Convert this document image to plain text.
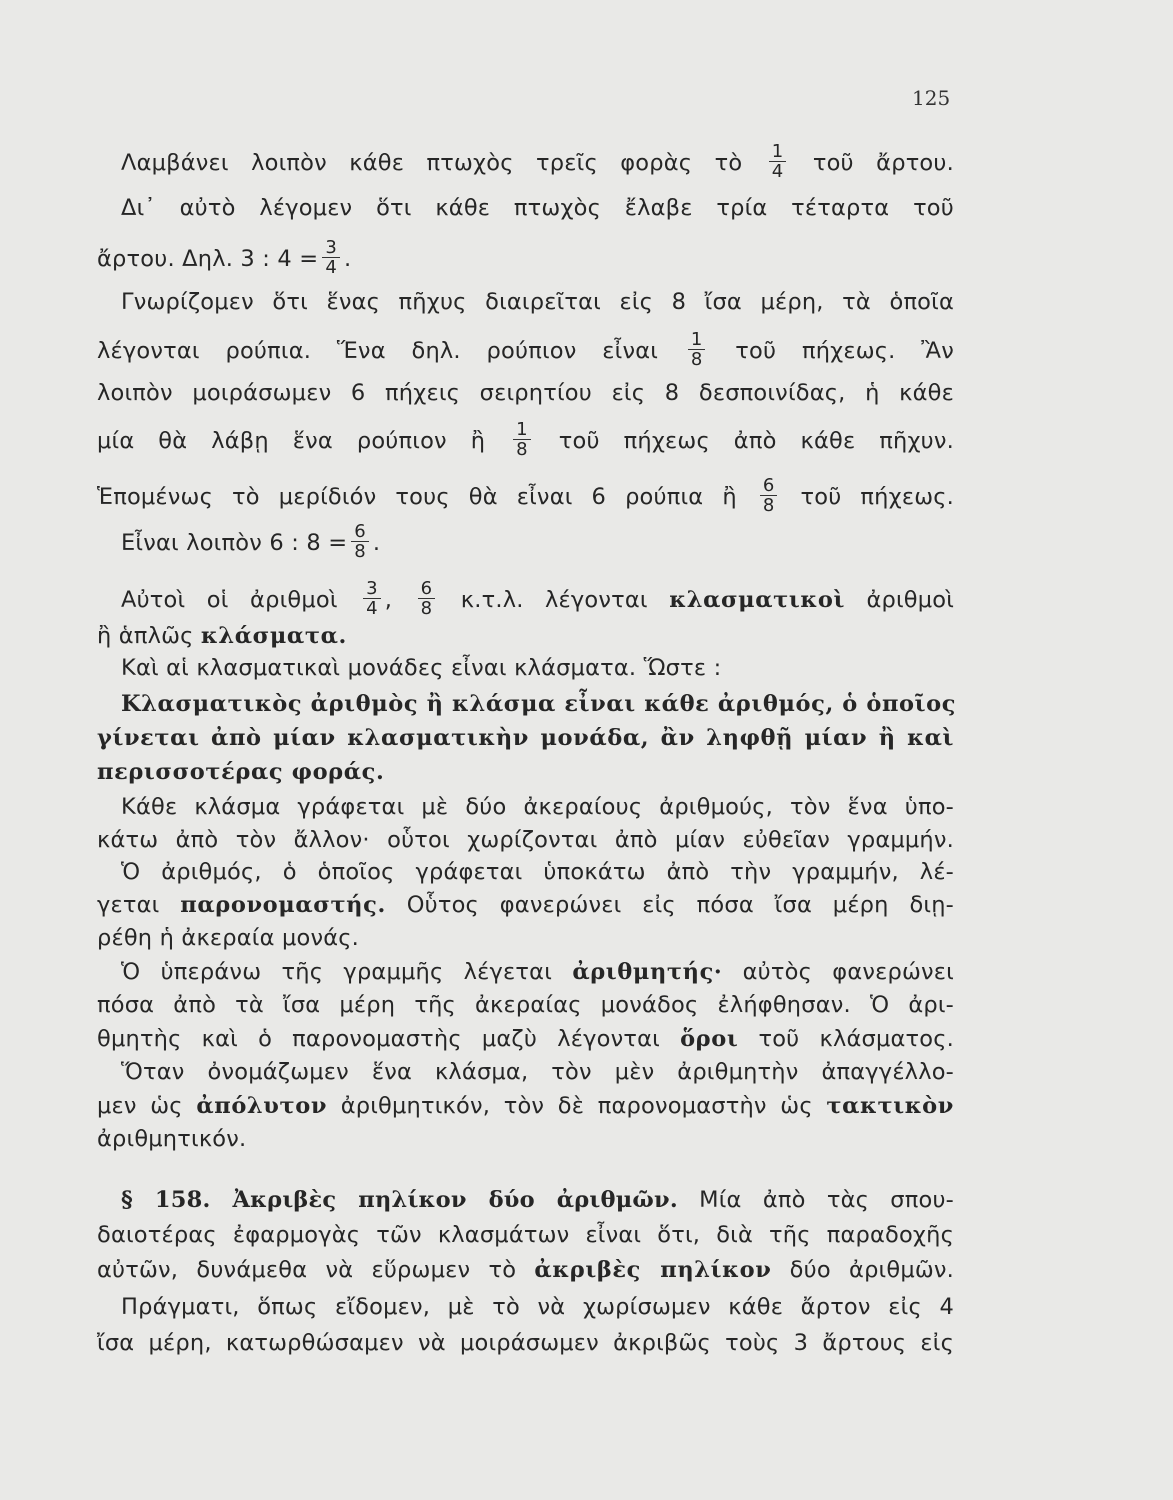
125
Λαμβάνει λοιπὸν κάθε πτωχὸς τρεῖς φορὰς τὸ $\frac{1}{4}$ τοῦ ἄρτου.
Δι᾽ αὐτὸ λέγομεν ὅτι κάθε πτωχὸς ἔλαβε τρία τέταρτα τοῦ
ἄρτου. Δηλ. 3 : $4 = \frac{3}{4}$ .
Γνωρίζομεν ὅτι ἕνας πῆχυς διαιρεῖται εἰς 8 ἴσα μέρη, τὰ ὁποῖα
λέγονται ρούπια. Ἕνα δηλ. ρούπιον εἶναι $\frac{1}{8}$ τοῦ πήχεως. Ἂν
λοιπὸν μοιράσωμεν 6 πήχεις σειρητίου εἰς 8 δεσποινίδας, ἡ κάθε
μία θὰ λάβῃ ἕνα ρούπιον ἢ $\frac{1}{8}$ τοῦ πήχεως ἀπὸ κάθε πῆχυν.
Ἑπομένως τὸ μερίδιόν τους θὰ εἶναι 6 ρούπια ἢ $\frac{6}{8}$ τοῦ πήχεως.
Εἶναι λοιπὸν 6 : $8 = \frac{6}{8}$ .
Αὐτοὶ οἱ ἀριθμοὶ $\frac{3}{4}$ , $\frac{6}{8} \kappa.\tau.\lambda$. λέγονται κλασματικοὶ ἀριθμοὶ
ἢ ἁπλῶς κλάσματα.
Καὶ αἱ κλασματικαὶ μονάδες εἶναι κλάσματα. Ὥστε :
Κλασματικὸς ἀριθμὸς ἢ κλάσμα εἶναι κάθε ἀριθμός, ὁ ὁποῖος
γίνεται ἀπὸ μίαν κλασματικὴν μονάδα, ἂν ληφθῇ μίαν ἢ καὶ
περισσοτέρας φοράς.
Κάθε κλάσμα γράφεται μὲ δύο ἀκεραίους ἀριθμούς, τὸν ἕνα ὑπο-
κάτω ἀπὸ τὸν ἄλλον· οὗτοι χωρίζονται ἀπὸ μίαν εὐθεῖαν γραμμήν.
Ὁ ἀριθμός, ὁ ὁποῖος γράφεται ὑποκάτω ἀπὸ τὴν γραμμήν, λέ-
γεται παρονομαστής. Οὗτος φανερώνει εἰς πόσα ἴσα μέρη διῃ-
ρέθη ἡ ἀκεραία μονάς.
Ὁ ὑπεράνω τῆς γραμμῆς λέγεται ἀριθμητής· αὐτὸς φανερώνει
πόσα ἀπὸ τὰ ἴσα μέρη τῆς ἀκεραίας μονάδος ἐλήφθησαν. Ὁ ἀρι-
θμητὴς καὶ ὁ παρονομαστὴς μαζὺ λέγονται ὅροι τοῦ κλάσματος.
Ὅταν ὀνομάζωμεν ἕνα κλάσμα, τὸν μὲν ἀριθμητὴν ἀπαγγέλλο-
μεν ὡς ἀπόλυτον ἀριθμητικόν, τὸν δὲ παρονομαστὴν ὡς τακτικὸν
ἀριθμητικόν.
§ 158. Ἀκριβὲς πηλίκον δύο ἀριθμῶν. Μία ἀπὸ τὰς σπου-
δαιοτέρας ἐφαρμογὰς τῶν κλασμάτων εἶναι ὅτι, διὰ τῆς παραδοχῆς
αὐτῶν, δυνάμεθα νὰ εὕρωμεν τὸ ἀκριβὲς πηλίκον δύο ἀριθμῶν.
Πράγματι, ὅπως εἴδομεν, μὲ τὸ νὰ χωρίσωμεν κάθε ἄρτον εἰς 4
ἴσα μέρη, κατωρθώσαμεν νὰ μοιράσωμεν ἀκριβῶς τοὺς 3 ἄρτους εἰς
